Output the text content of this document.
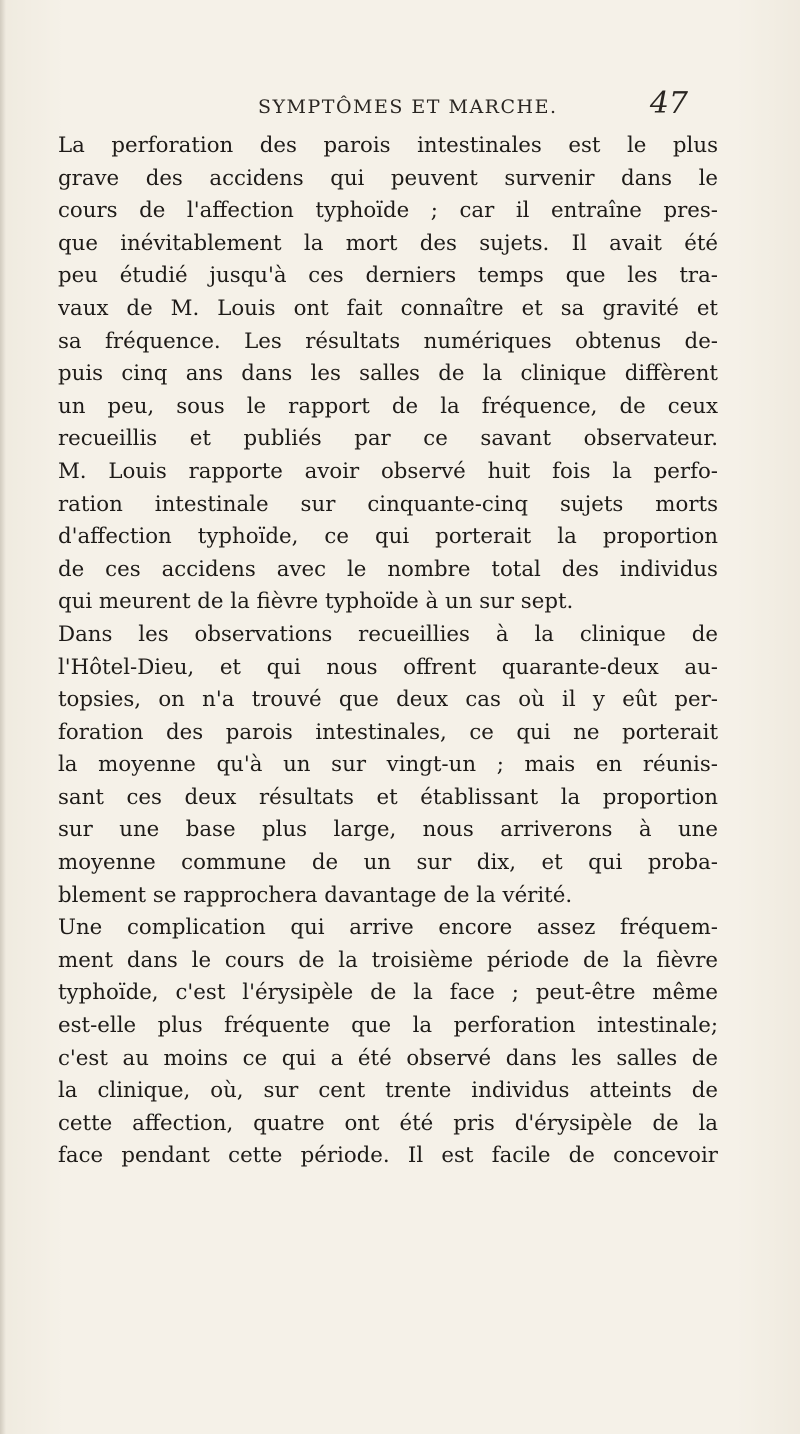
SYMPTÔMES ET MARCHE.	47
La perforation des parois intestinales est le plus
grave des accidens qui peuvent survenir dans le
cours de l'affection typhoïde ; car il entraîne pres-
que inévitablement la mort des sujets. Il avait été
peu étudié jusqu'à ces derniers temps que les tra-
vaux de M. Louis ont fait connaître et sa gravité et
sa fréquence. Les résultats numériques obtenus de-
puis cinq ans dans les salles de la clinique diffèrent
un peu, sous le rapport de la fréquence, de ceux
recueillis et publiés par ce savant observateur.
M. Louis rapporte avoir observé huit fois la perfo-
ration intestinale sur cinquante-cinq sujets morts
d'affection typhoïde, ce qui porterait la proportion
de ces accidens avec le nombre total des individus
qui meurent de la fièvre typhoïde à un sur sept.
Dans les observations recueillies à la clinique de
l'Hôtel-Dieu, et qui nous offrent quarante-deux au-
topsies, on n'a trouvé que deux cas où il y eût per-
foration des parois intestinales, ce qui ne porterait
la moyenne qu'à un sur vingt-un ; mais en réunis-
sant ces deux résultats et établissant la proportion
sur une base plus large, nous arriverons à une
moyenne commune de un sur dix, et qui proba-
blement se rapprochera davantage de la vérité.
Une complication qui arrive encore assez fréquem-
ment dans le cours de la troisième période de la fièvre
typhoïde, c'est l'érysipèle de la face ; peut-être même
est-elle plus fréquente que la perforation intestinale;
c'est au moins ce qui a été observé dans les salles de
la clinique, où, sur cent trente individus atteints de
cette affection, quatre ont été pris d'érysipèle de la
face pendant cette période. Il est facile de concevoir
